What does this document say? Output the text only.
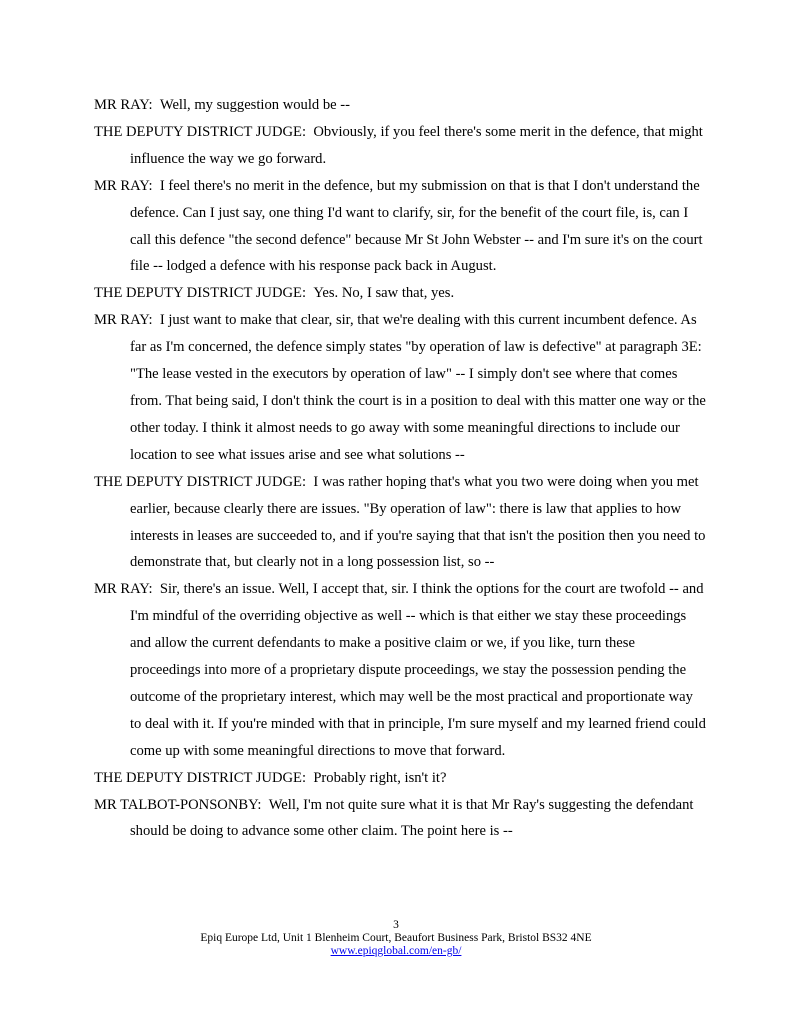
MR RAY: Well, my suggestion would be --

THE DEPUTY DISTRICT JUDGE: Obviously, if you feel there's some merit in the defence, that might influence the way we go forward.

MR RAY: I feel there's no merit in the defence, but my submission on that is that I don't understand the defence. Can I just say, one thing I'd want to clarify, sir, for the benefit of the court file, is, can I call this defence "the second defence" because Mr St John Webster -- and I'm sure it's on the court file -- lodged a defence with his response pack back in August.

THE DEPUTY DISTRICT JUDGE: Yes. No, I saw that, yes.

MR RAY: I just want to make that clear, sir, that we're dealing with this current incumbent defence. As far as I'm concerned, the defence simply states "by operation of law is defective" at paragraph 3E: "The lease vested in the executors by operation of law" -- I simply don't see where that comes from. That being said, I don't think the court is in a position to deal with this matter one way or the other today. I think it almost needs to go away with some meaningful directions to include our location to see what issues arise and see what solutions --

THE DEPUTY DISTRICT JUDGE: I was rather hoping that's what you two were doing when you met earlier, because clearly there are issues. "By operation of law": there is law that applies to how interests in leases are succeeded to, and if you're saying that that isn't the position then you need to demonstrate that, but clearly not in a long possession list, so --

MR RAY: Sir, there's an issue. Well, I accept that, sir. I think the options for the court are twofold -- and I'm mindful of the overriding objective as well -- which is that either we stay these proceedings and allow the current defendants to make a positive claim or we, if you like, turn these proceedings into more of a proprietary dispute proceedings, we stay the possession pending the outcome of the proprietary interest, which may well be the most practical and proportionate way to deal with it. If you're minded with that in principle, I'm sure myself and my learned friend could come up with some meaningful directions to move that forward.

THE DEPUTY DISTRICT JUDGE: Probably right, isn't it?

MR TALBOT-PONSONBY: Well, I'm not quite sure what it is that Mr Ray's suggesting the defendant should be doing to advance some other claim. The point here is --

3
Epiq Europe Ltd, Unit 1 Blenheim Court, Beaufort Business Park, Bristol BS32 4NE
www.epiqglobal.com/en-gb/
